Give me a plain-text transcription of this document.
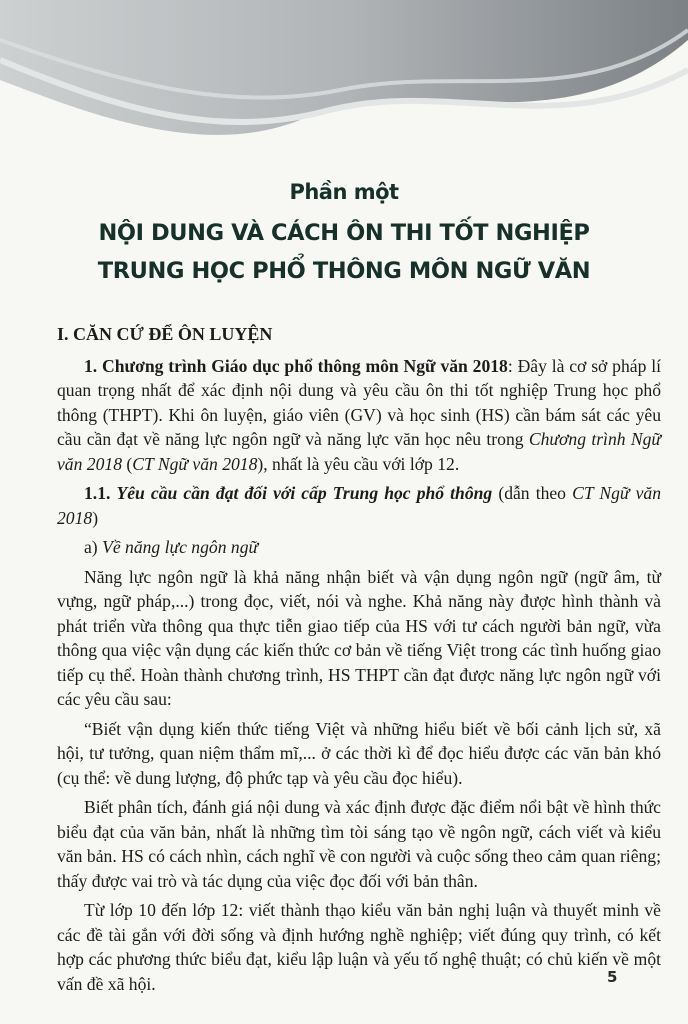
Phần một
NỘI DUNG VÀ CÁCH ÔN THI TỐT NGHIỆP
TRUNG HỌC PHỔ THÔNG MÔN NGỮ VĂN

I. CĂN CỨ ĐỂ ÔN LUYỆN

1. Chương trình Giáo dục phổ thông môn Ngữ văn 2018: Đây là cơ sở pháp lí quan trọng nhất để xác định nội dung và yêu cầu ôn thi tốt nghiệp Trung học phổ thông (THPT). Khi ôn luyện, giáo viên (GV) và học sinh (HS) cần bám sát các yêu cầu cần đạt về năng lực ngôn ngữ và năng lực văn học nêu trong Chương trình Ngữ văn 2018 (CT Ngữ văn 2018), nhất là yêu cầu với lớp 12.

1.1. Yêu cầu cần đạt đối với cấp Trung học phổ thông (dẫn theo CT Ngữ văn 2018)

a) Về năng lực ngôn ngữ

Năng lực ngôn ngữ là khả năng nhận biết và vận dụng ngôn ngữ (ngữ âm, từ vựng, ngữ pháp,...) trong đọc, viết, nói và nghe. Khả năng này được hình thành và phát triển vừa thông qua thực tiễn giao tiếp của HS với tư cách người bản ngữ, vừa thông qua việc vận dụng các kiến thức cơ bản về tiếng Việt trong các tình huống giao tiếp cụ thể. Hoàn thành chương trình, HS THPT cần đạt được năng lực ngôn ngữ với các yêu cầu sau:

“Biết vận dụng kiến thức tiếng Việt và những hiểu biết về bối cảnh lịch sử, xã hội, tư tưởng, quan niệm thẩm mĩ,... ở các thời kì để đọc hiểu được các văn bản khó (cụ thể: về dung lượng, độ phức tạp và yêu cầu đọc hiểu).

Biết phân tích, đánh giá nội dung và xác định được đặc điểm nổi bật về hình thức biểu đạt của văn bản, nhất là những tìm tòi sáng tạo về ngôn ngữ, cách viết và kiểu văn bản. HS có cách nhìn, cách nghĩ về con người và cuộc sống theo cảm quan riêng; thấy được vai trò và tác dụng của việc đọc đối với bản thân.

Từ lớp 10 đến lớp 12: viết thành thạo kiểu văn bản nghị luận và thuyết minh về các đề tài gắn với đời sống và định hướng nghề nghiệp; viết đúng quy trình, có kết hợp các phương thức biểu đạt, kiểu lập luận và yếu tố nghệ thuật; có chủ kiến về một vấn đề xã hội.	5
